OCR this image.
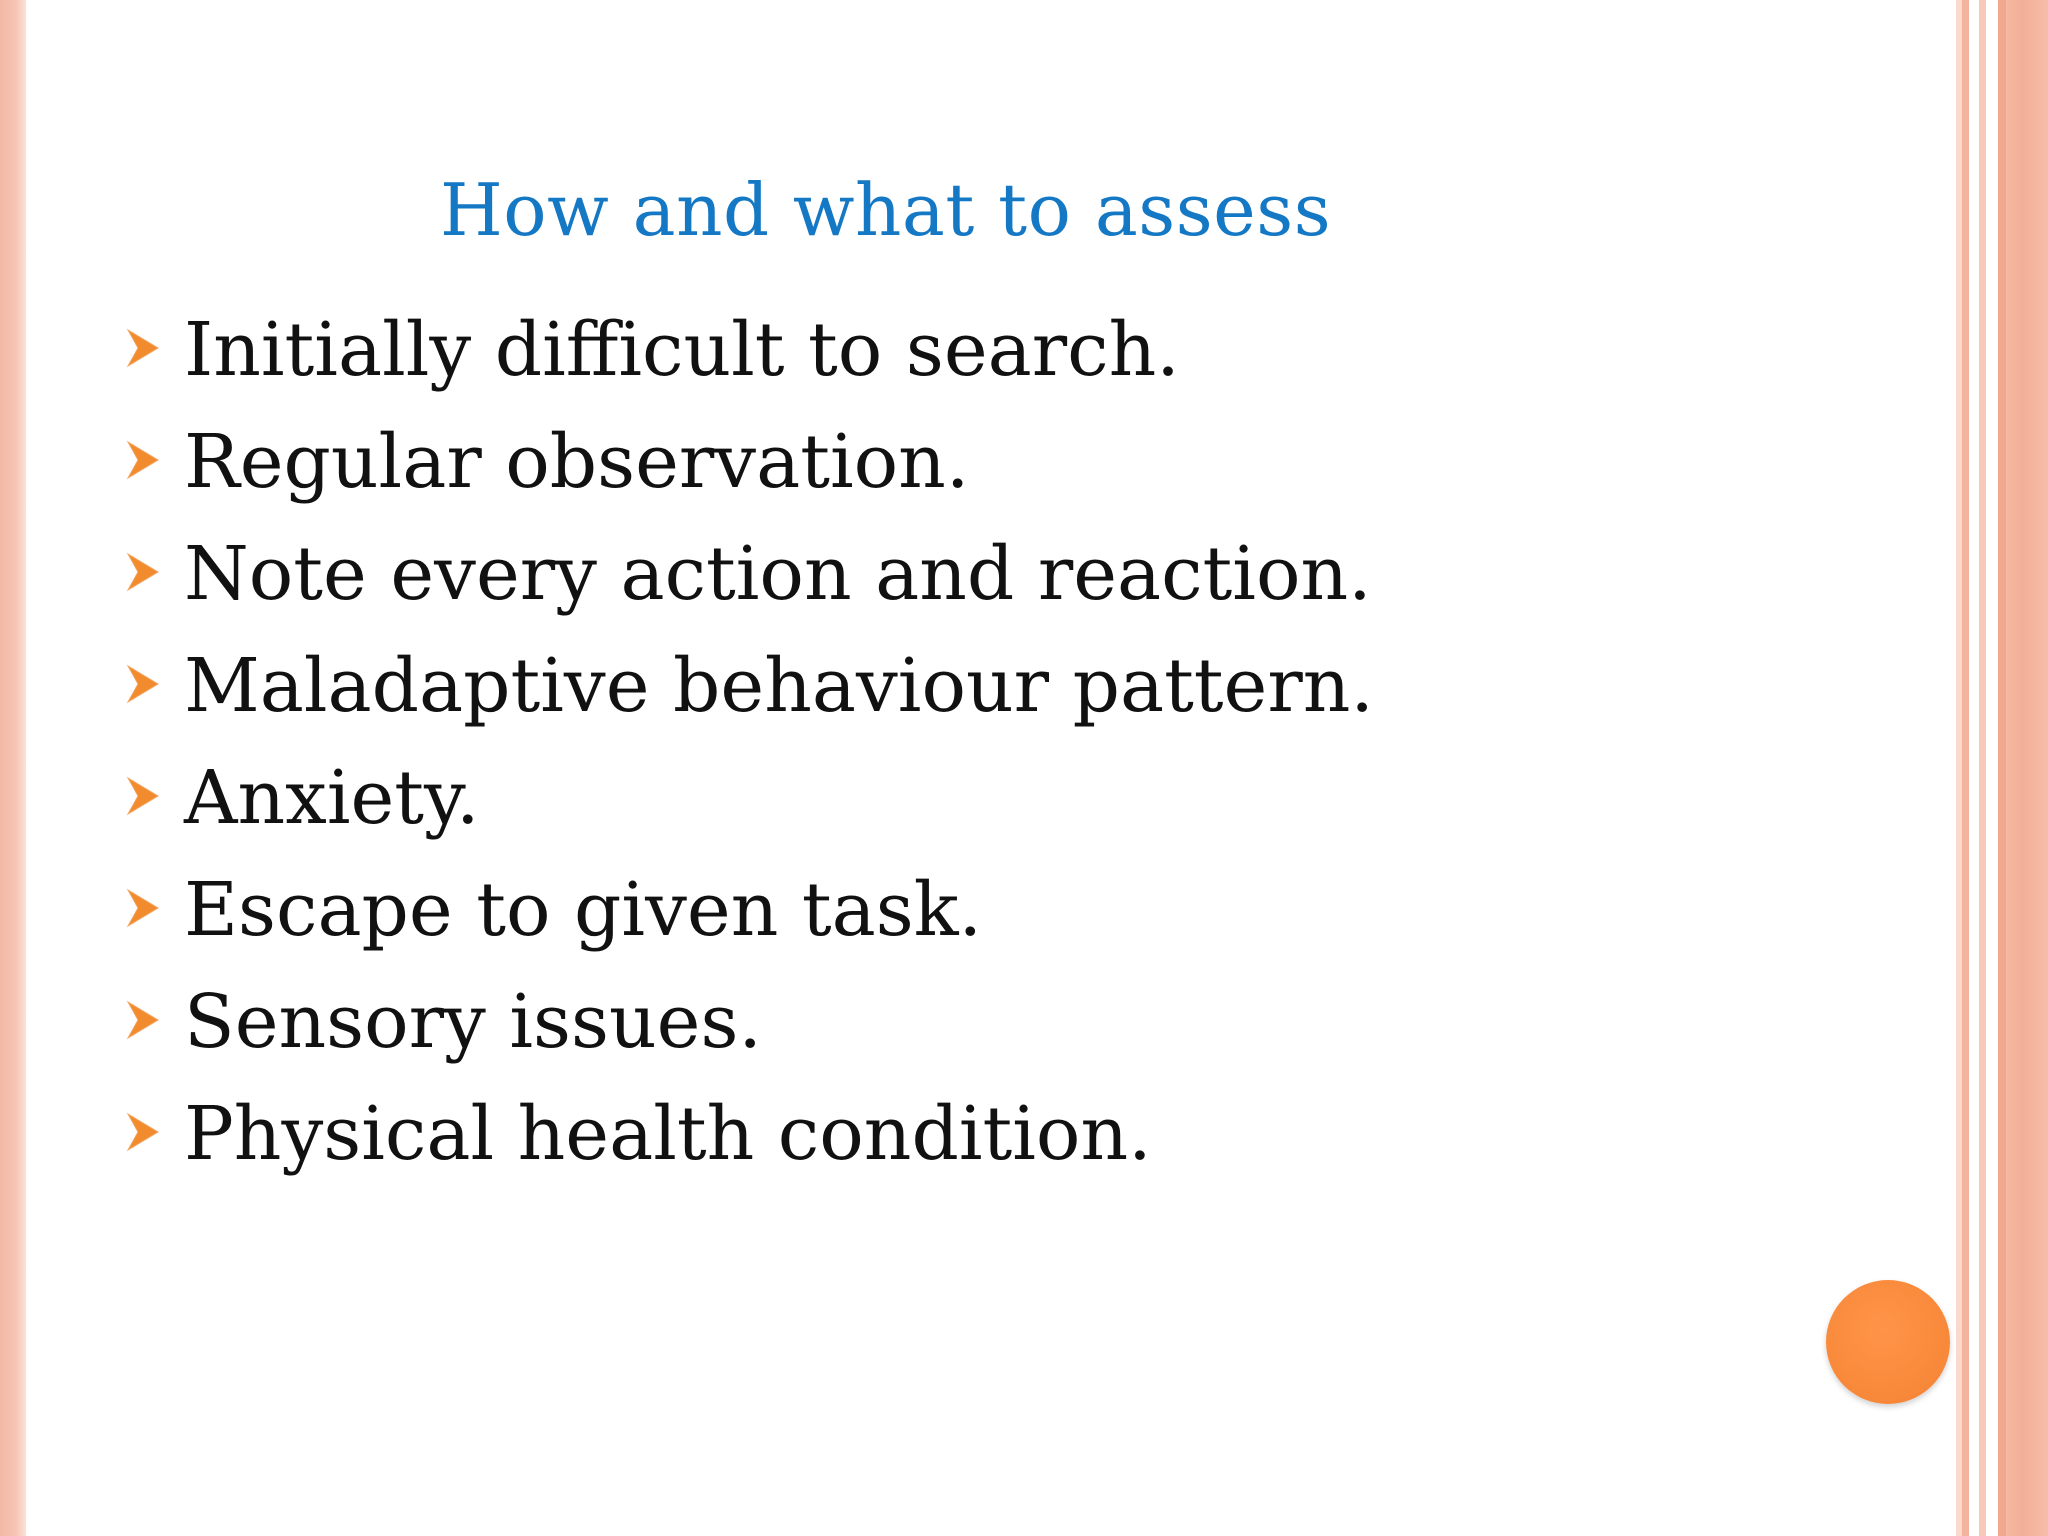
How and what to assess
Initially difficult to search.
Regular observation.
Note every action and reaction.
Maladaptive behaviour pattern.
Anxiety.
Escape to given task.
Sensory issues.
Physical health condition.
